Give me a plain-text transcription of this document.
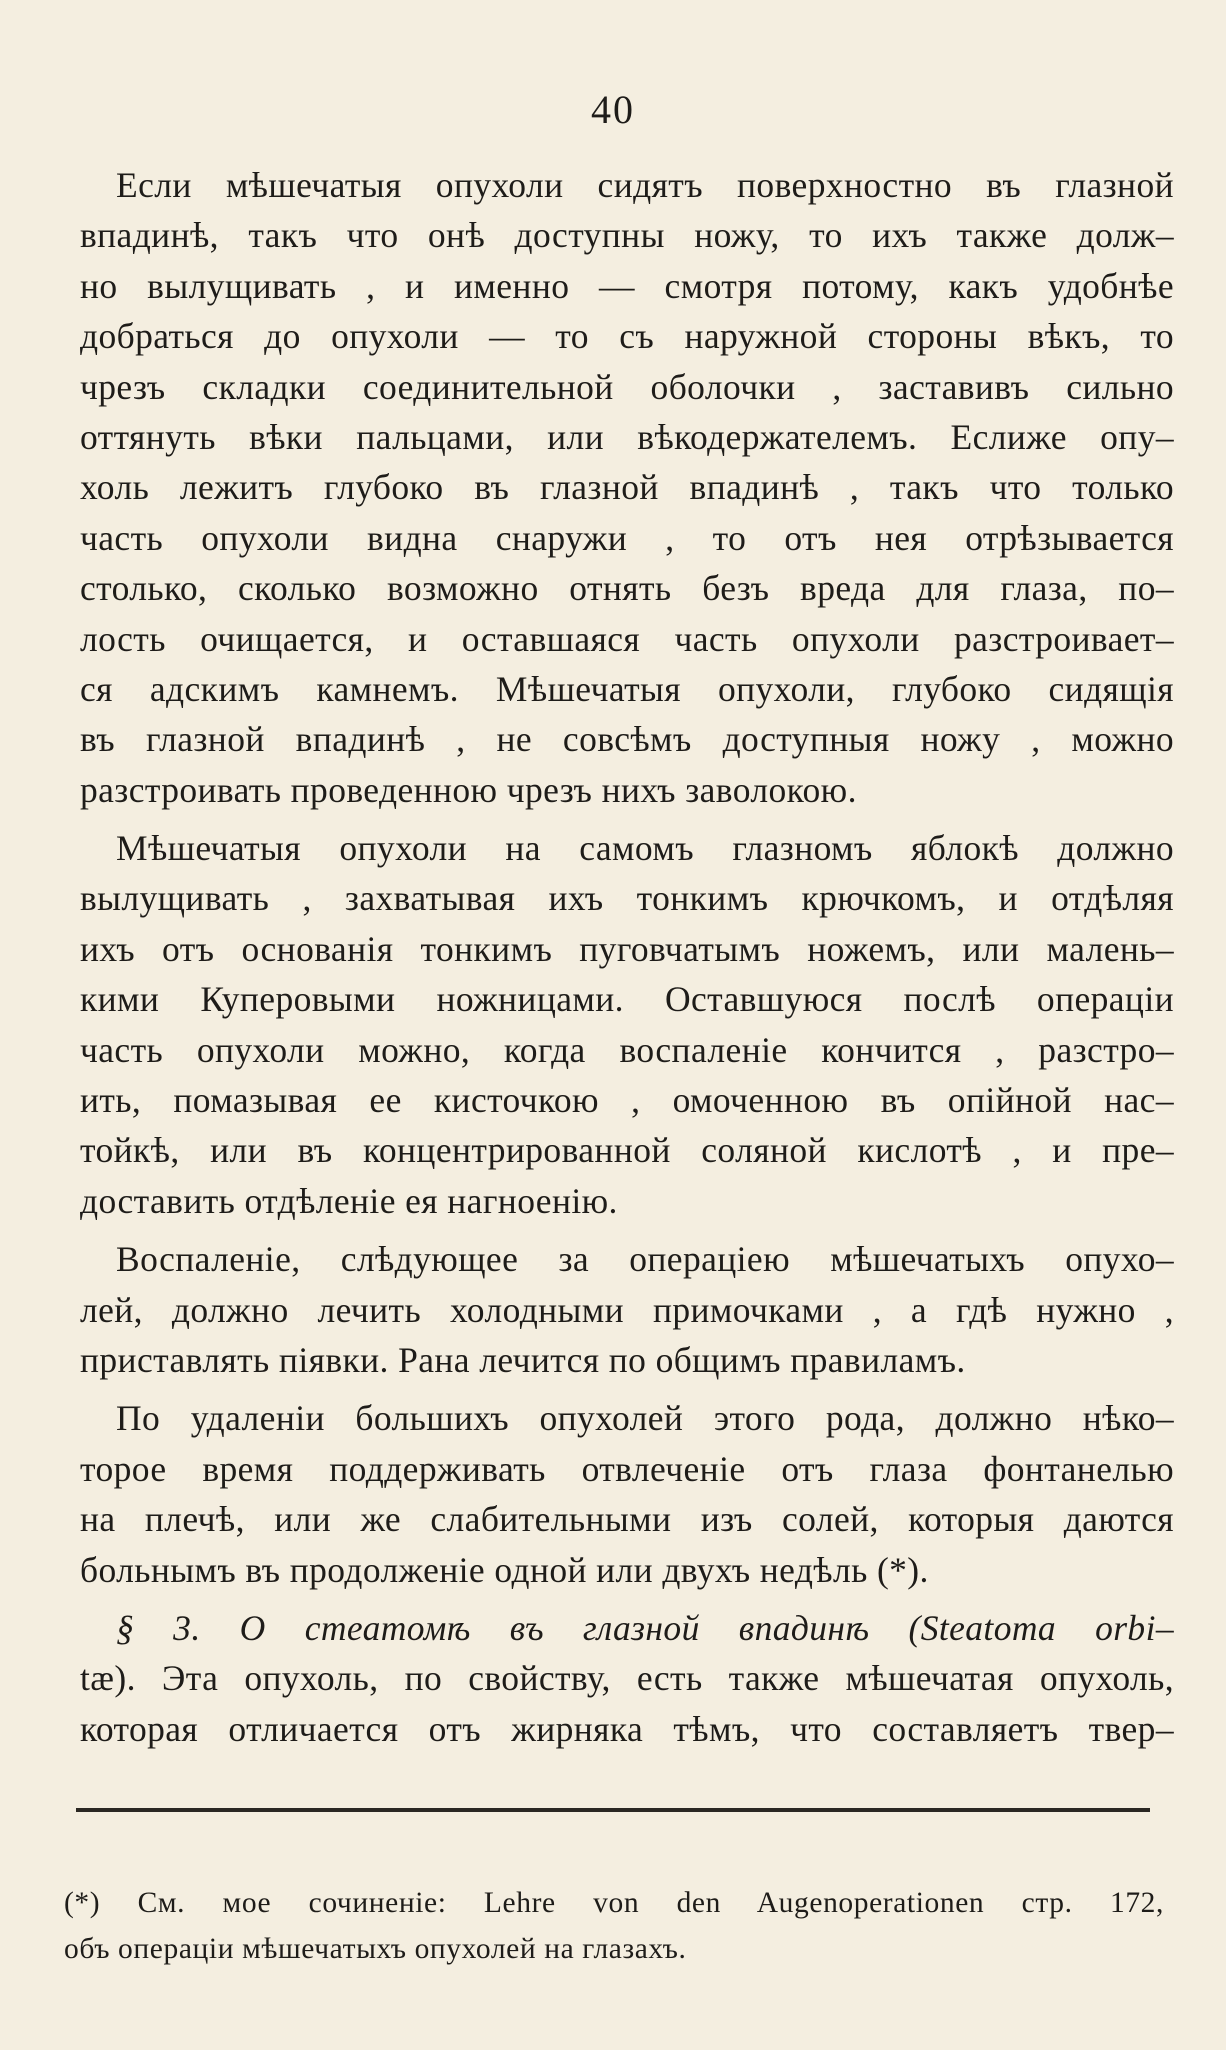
40
Если мѣшечатыя опухоли сидятъ поверхностно въ глазной
впадинѣ, такъ что онѣ доступны ножу, то ихъ также долж–
но вылущивать , и именно — смотря потому, какъ удобнѣе
добраться до опухоли — то съ наружной стороны вѣкъ, то
чрезъ складки соединительной оболочки , заставивъ сильно
оттянуть вѣки пальцами, или вѣкодержателемъ. Еслиже опу–
холь лежитъ глубоко въ глазной впадинѣ , такъ что только
часть опухоли видна снаружи , то отъ нея отрѣзывается
столько, сколько возможно отнять безъ вреда для глаза, по–
лость очищается, и оставшаяся часть опухоли разстроивает–
ся адскимъ камнемъ. Мѣшечатыя опухоли, глубоко сидящія
въ глазной впадинѣ , не совсѣмъ доступныя ножу , можно
разстроивать проведенною чрезъ нихъ заволокою.
Мѣшечатыя опухоли на самомъ глазномъ яблокѣ должно
вылущивать , захватывая ихъ тонкимъ крючкомъ, и отдѣляя
ихъ отъ основанія тонкимъ пуговчатымъ ножемъ, или малень–
кими Куперовыми ножницами. Оставшуюся послѣ операціи
часть опухоли можно, когда воспаленіе кончится , разстро–
ить, помазывая ее кисточкою , омоченною въ опійной нас–
тойкѣ, или въ концентрированной соляной кислотѣ , и пре–
доставить отдѣленіе ея нагноенію.
Воспаленіе, слѣдующее за операціею мѣшечатыхъ опухо–
лей, должно лечить холодными примочками , а гдѣ нужно ,
приставлять піявки. Рана лечится по общимъ правиламъ.
По удаленіи большихъ опухолей этого рода, должно нѣко–
торое время поддерживать отвлеченіе отъ глаза фонтанелью
на плечѣ, или же слабительными изъ солей, которыя даются
больнымъ въ продолженіе одной или двухъ недѣль (*).
§ 3. О стеатомѣ въ глазной впадинѣ (Steatoma orbi–
tæ). Эта опухоль, по свойству, есть также мѣшечатая опухоль,
которая отличается отъ жирняка тѣмъ, что составляетъ твер–
(*) См. мое сочиненіе: Lehre von den Augenoperationen стр. 172,
объ операціи мѣшечатыхъ опухолей на глазахъ.
